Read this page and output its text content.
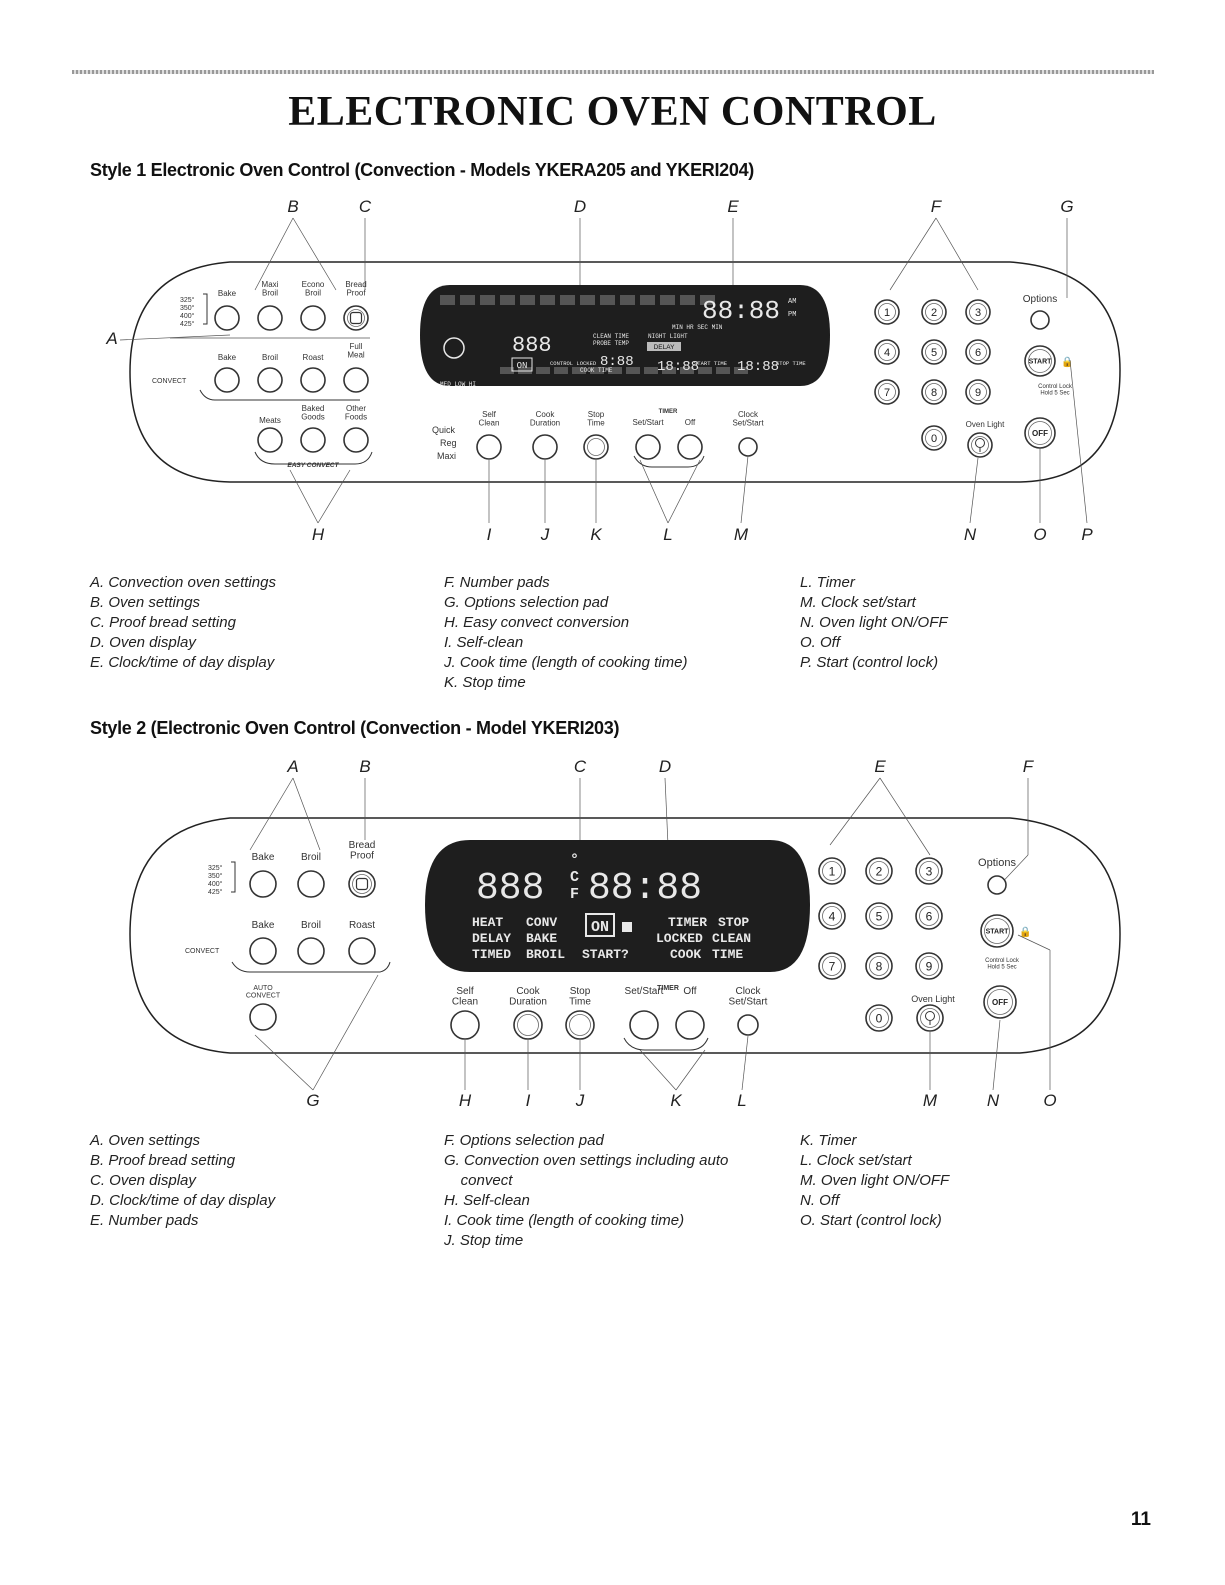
ELECTRONIC OVEN CONTROL
Style 1 Electronic Oven Control (Convection - Models YKERA205 and YKERI204)
B	C	D	E	F	G
A
325°
350°
400°
425°
Bake
Maxi Broil
Econo Broil
Bread Proof
CONVECT
Bake	Broil	Roast
Full Meal
Meats
Baked Goods
Other Foods
EASY CONVECT
88:88 AM
PM
888
8:88
CLEAN TIME
PROBE TEMP
NIGHT LIGHT
MIN HR SEC MIN
DELAY
ON	CONTROL LOCKED
COOK TIME	18:88
START TIME 18:88
STOP TIME
MED LOW HI
Quick
Reg
Maxi
Self Clean
Cook Duration
Stop Time	Set/Start	Off
Clock Set/Start
TIMER
1	2	3
4	5	6
7	8	9
0
Options
START 🔒
Control Lock Hold 5 Sec
Oven Light
OFF
H	I	J K	L	M	N	O P
A. Convection oven settings
B. Oven settings
C. Proof bread setting
D. Oven display
E. Clock/time of day display
F. Number pads
G. Options selection pad
H. Easy convect conversion
I. Self-clean
J. Cook time (length of cooking time)
K. Stop time
L. Timer
M. Clock set/start
N. Oven light ON/OFF
O. Off
P. Start (control lock)
Style 2 (Electronic Oven Control (Convection - Model YKERI203)
A	B	C	D	E	F
325°
350°
400°
425°
Bake	Broil
Bread Proof
CONVECT
Bake	Broil	Roast
AUTO CONVECT
888
°
C
F 88:88
HEAT CONV	TIMER STOP
DELAY BAKE	LOCKED CLEAN
TIMED BROIL START?	COOK TIME
ON
Self Clean
Cook Duration
Stop Time
Set/Start Off	Clock Set/Start
TIMER
1	2	3
4	5	6
7	8	9
0
Options
START 🔒
Control Lock Hold 5 Sec
Oven Light	OFF
G	H	I	J	K	L	M	N	O
A. Oven settings
B. Proof bread setting
C. Oven display
D. Clock/time of day display
E. Number pads
F. Options selection pad
G. Convection oven settings including auto
convect
H. Self-clean
I. Cook time (length of cooking time)
J. Stop time
K. Timer
L. Clock set/start
M. Oven light ON/OFF
N. Off
O. Start (control lock)
11
